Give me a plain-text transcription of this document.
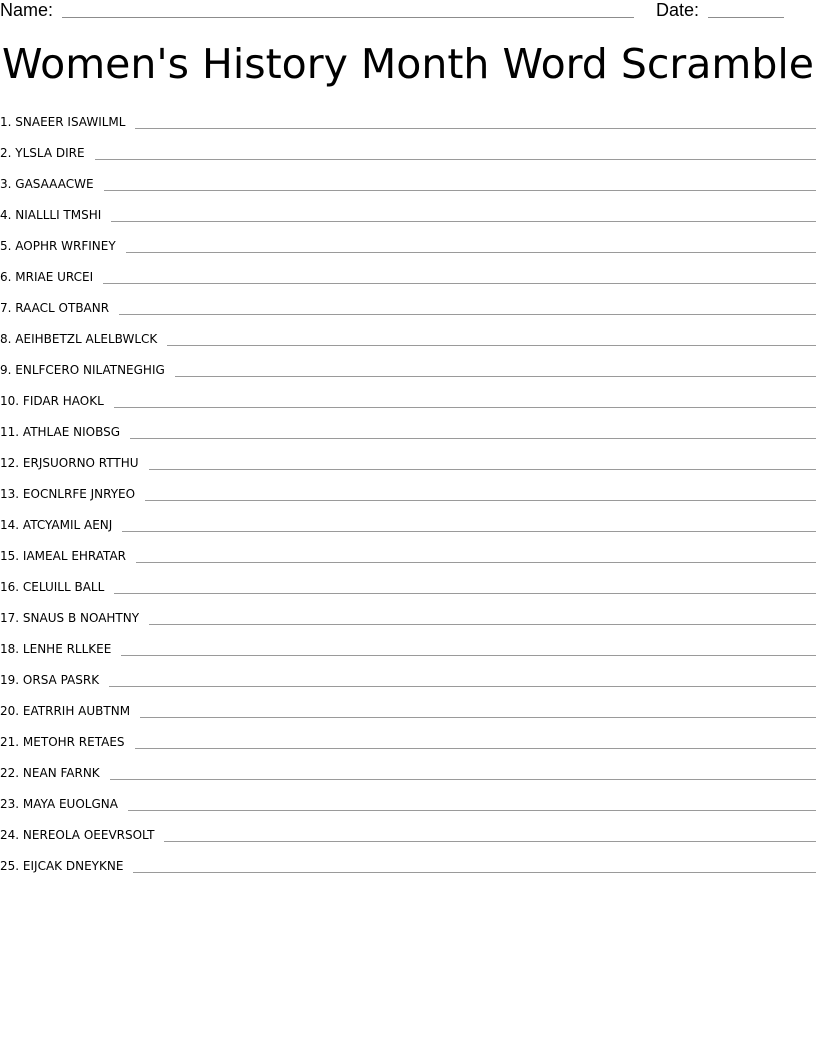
Name:	Date:
Women's History Month Word Scramble
1. SNAEER ISAWILML
2. YLSLA DIRE
3. GASAAACWE
4. NIALLLI TMSHI
5. AOPHR WRFINEY
6. MRIAE URCEI
7. RAACL OTBANR
8. AEIHBETZL ALELBWLCK
9. ENLFCERO NILATNEGHIG
10. FIDAR HAOKL
11. ATHLAE NIOBSG
12. ERJSUORNO RTTHU
13. EOCNLRFE JNRYEO
14. ATCYAMIL AENJ
15. IAMEAL EHRATAR
16. CELUILL BALL
17. SNAUS B NOAHTNY
18. LENHE RLLKEE
19. ORSA PASRK
20. EATRRIH AUBTNM
21. METOHR RETAES
22. NEAN FARNK
23. MAYA EUOLGNA
24. NEREOLA OEEVRSOLT
25. EIJCAK DNEYKNE
